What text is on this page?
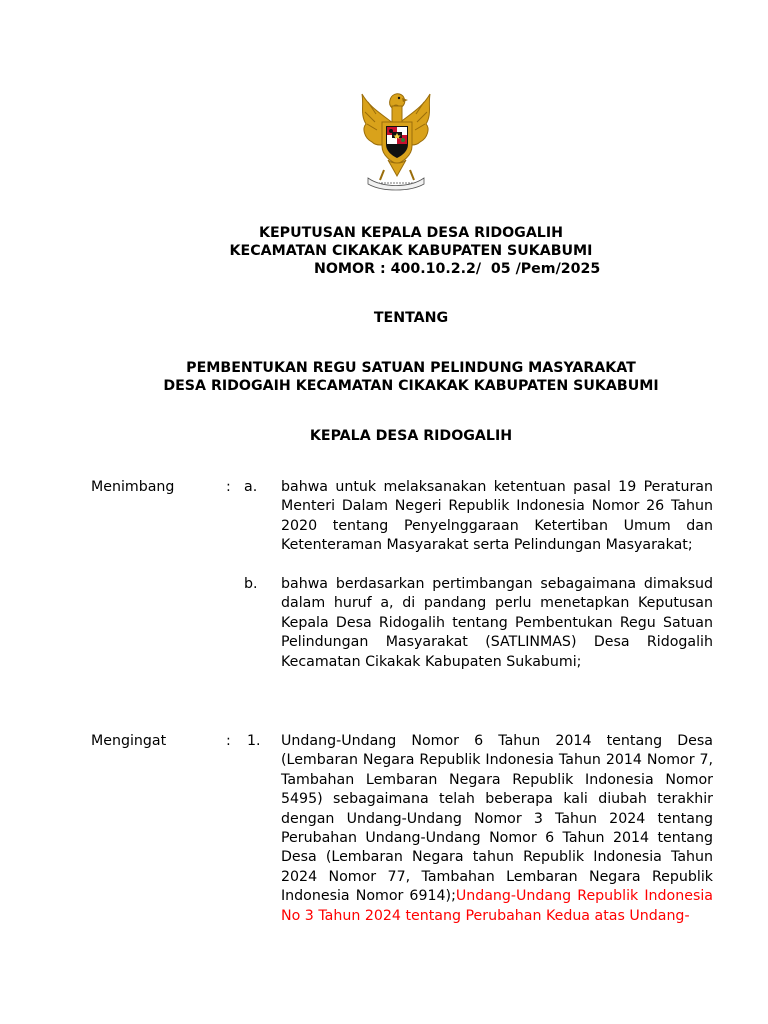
KEPUTUSAN KEPALA DESA RIDOGALIH
KECAMATAN CIKAKAK KABUPATEN SUKABUMI
NOMOR : 400.10.2.2/  05 /Pem/2025
TENTANG
PEMBENTUKAN REGU SATUAN PELINDUNG MASYARAKAT
DESA RIDOGAIH KECAMATAN CIKAKAK KABUPATEN SUKABUMI
KEPALA DESA RIDOGALIH
Menimbang	: a. bahwa untuk melaksanakan ketentuan pasal 19 Peraturan Menteri Dalam Negeri Republik Indonesia Nomor 26 Tahun 2020 tentang Penyelnggaraan Ketertiban Umum dan Ketenteraman Masyarakat serta Pelindungan Masyarakat;
b. bahwa berdasarkan pertimbangan sebagaimana dimaksud dalam huruf a, di pandang perlu menetapkan Keputusan Kepala Desa Ridogalih tentang Pembentukan Regu Satuan Pelindungan Masyarakat (SATLINMAS) Desa Ridogalih Kecamatan Cikakak Kabupaten Sukabumi;
Mengingat	: 1. Undang-Undang Nomor 6 Tahun 2014 tentang Desa (Lembaran Negara Republik Indonesia Tahun 2014 Nomor 7, Tambahan Lembaran Negara Republik Indonesia Nomor 5495) sebagaimana telah beberapa kali diubah terakhir dengan Undang-Undang Nomor 3 Tahun 2024 tentang Perubahan Undang-Undang Nomor 6 Tahun 2014 tentang Desa (Lembaran Negara tahun Republik Indonesia Tahun 2024 Nomor 77, Tambahan Lembaran Negara Republik Indonesia Nomor 6914);Undang-Undang Republik Indonesia No 3 Tahun 2024 tentang Perubahan Kedua atas Undang-
